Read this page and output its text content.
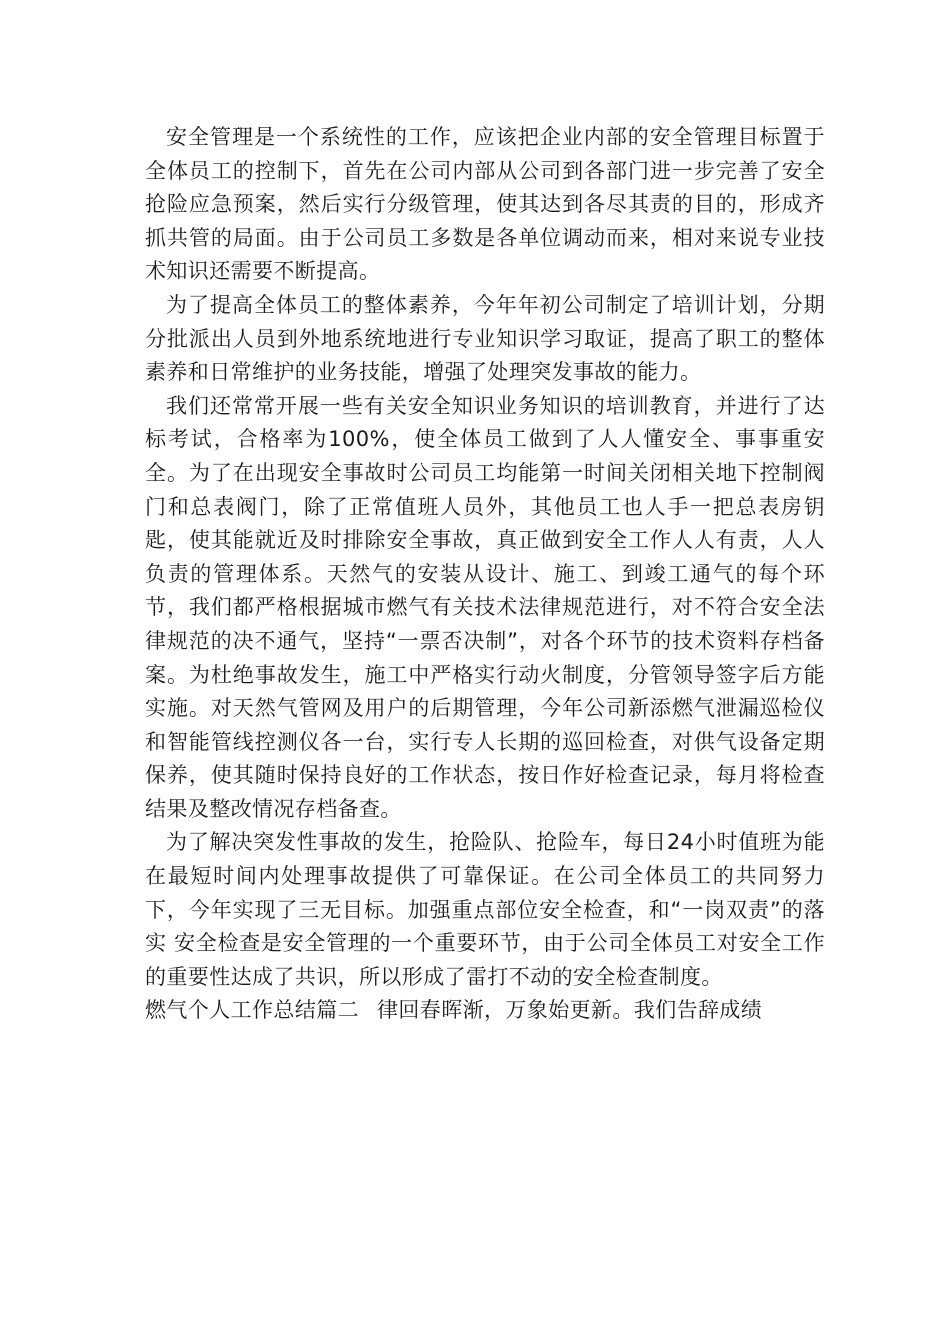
安全管理是一个系统性的工作，应该把企业内部的安全管理目标置于全体员工的控制下，首先在公司内部从公司到各部门进一步完善了安全抢险应急预案，然后实行分级管理，使其达到各尽其责的目的，形成齐抓共管的局面。由于公司员工多数是各单位调动而来，相对来说专业技术知识还需要不断提高。

为了提高全体员工的整体素养，今年年初公司制定了培训计划，分期分批派出人员到外地系统地进行专业知识学习取证，提高了职工的整体素养和日常维护的业务技能，增强了处理突发事故的能力。

我们还常常开展一些有关安全知识业务知识的培训教育，并进行了达标考试，合格率为100%，使全体员工做到了人人懂安全、事事重安全。为了在出现安全事故时公司员工均能第一时间关闭相关地下控制阀门和总表阀门，除了正常值班人员外，其他员工也人手一把总表房钥匙，使其能就近及时排除安全事故，真正做到安全工作人人有责，人人负责的管理体系。天然气的安装从设计、施工、到竣工通气的每个环节，我们都严格根据城市燃气有关技术法律规范进行，对不符合安全法律规范的决不通气，坚持“一票否决制”，对各个环节的技术资料存档备案。为杜绝事故发生，施工中严格实行动火制度，分管领导签字后方能实施。对天然气管网及用户的后期管理，今年公司新添燃气泄漏巡检仪和智能管线控测仪各一台，实行专人长期的巡回检查，对供气设备定期保养，使其随时保持良好的工作状态，按日作好检查记录，每月将检查结果及整改情况存档备查。

为了解决突发性事故的发生，抢险队、抢险车，每日24小时值班为能在最短时间内处理事故提供了可靠保证。在公司全体员工的共同努力下，今年实现了三无目标。加强重点部位安全检查，和“一岗双责”的落实 安全检查是安全管理的一个重要环节，由于公司全体员工对安全工作的重要性达成了共识，所以形成了雷打不动的安全检查制度。

燃气个人工作总结篇二 律回春晖渐，万象始更新。我们告辞成绩
